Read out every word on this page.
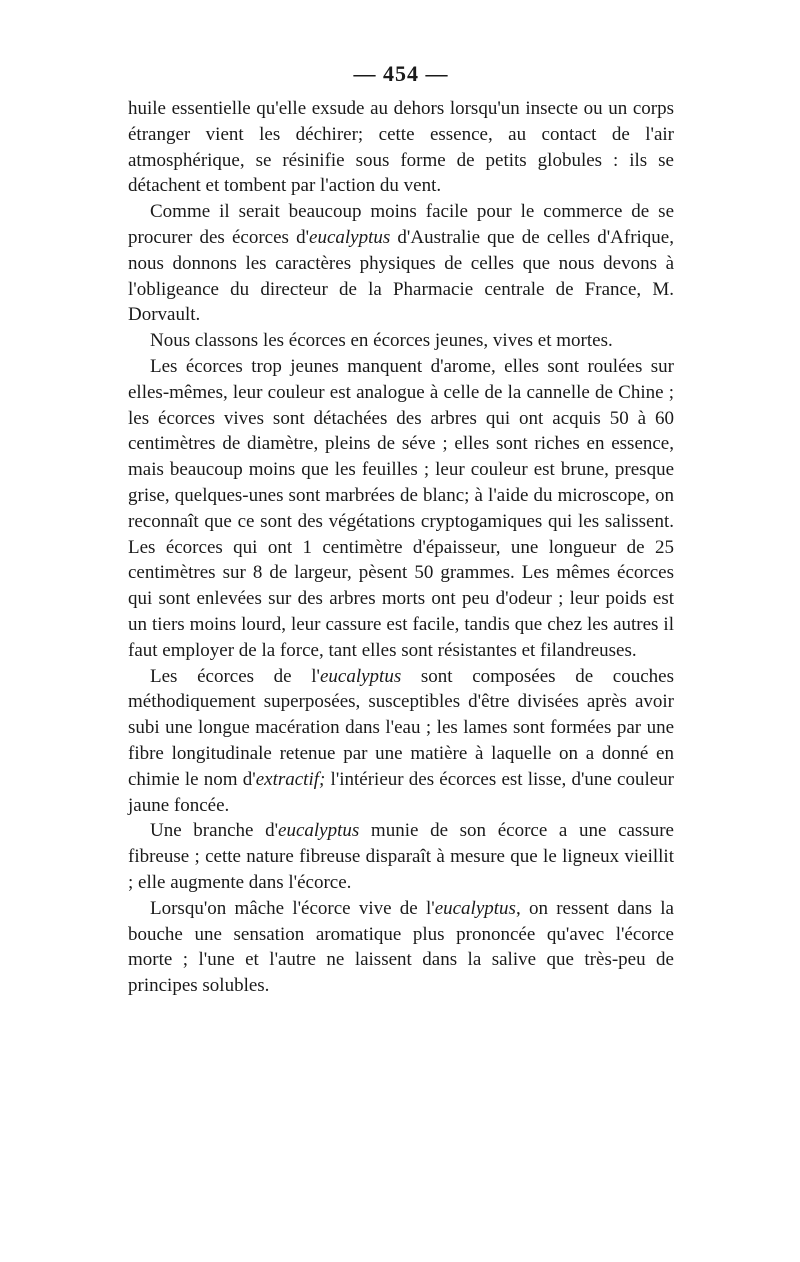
— 454 —

huile essentielle qu'elle exsude au dehors lorsqu'un insecte ou un corps étranger vient les déchirer; cette essence, au contact de l'air atmosphérique, se résinifie sous forme de petits globules : ils se détachent et tombent par l'action du vent.

Comme il serait beaucoup moins facile pour le commerce de se procurer des écorces d'eucalyptus d'Australie que de celles d'Afrique, nous donnons les caractères physiques de celles que nous devons à l'obligeance du directeur de la Pharmacie centrale de France, M. Dorvault.

Nous classons les écorces en écorces jeunes, vives et mortes.

Les écorces trop jeunes manquent d'arome, elles sont roulées sur elles-mêmes, leur couleur est analogue à celle de la cannelle de Chine ; les écorces vives sont détachées des arbres qui ont acquis 50 à 60 centimètres de diamètre, pleins de séve ; elles sont riches en essence, mais beaucoup moins que les feuilles ; leur couleur est brune, presque grise, quelques-unes sont marbrées de blanc; à l'aide du microscope, on reconnaît que ce sont des végétations cryptogamiques qui les salissent. Les écorces qui ont 1 centimètre d'épaisseur, une longueur de 25 centimètres sur 8 de largeur, pèsent 50 grammes. Les mêmes écorces qui sont enlevées sur des arbres morts ont peu d'odeur ; leur poids est un tiers moins lourd, leur cassure est facile, tandis que chez les autres il faut employer de la force, tant elles sont résistantes et filandreuses.

Les écorces de l'eucalyptus sont composées de couches méthodiquement superposées, susceptibles d'être divisées après avoir subi une longue macération dans l'eau ; les lames sont formées par une fibre longitudinale retenue par une matière à laquelle on a donné en chimie le nom d'extractif; l'intérieur des écorces est lisse, d'une couleur jaune foncée.

Une branche d'eucalyptus munie de son écorce a une cassure fibreuse ; cette nature fibreuse disparaît à mesure que le ligneux vieillit ; elle augmente dans l'écorce.

Lorsqu'on mâche l'écorce vive de l'eucalyptus, on ressent dans la bouche une sensation aromatique plus prononcée qu'avec l'écorce morte ; l'une et l'autre ne laissent dans la salive que très-peu de principes solubles.
